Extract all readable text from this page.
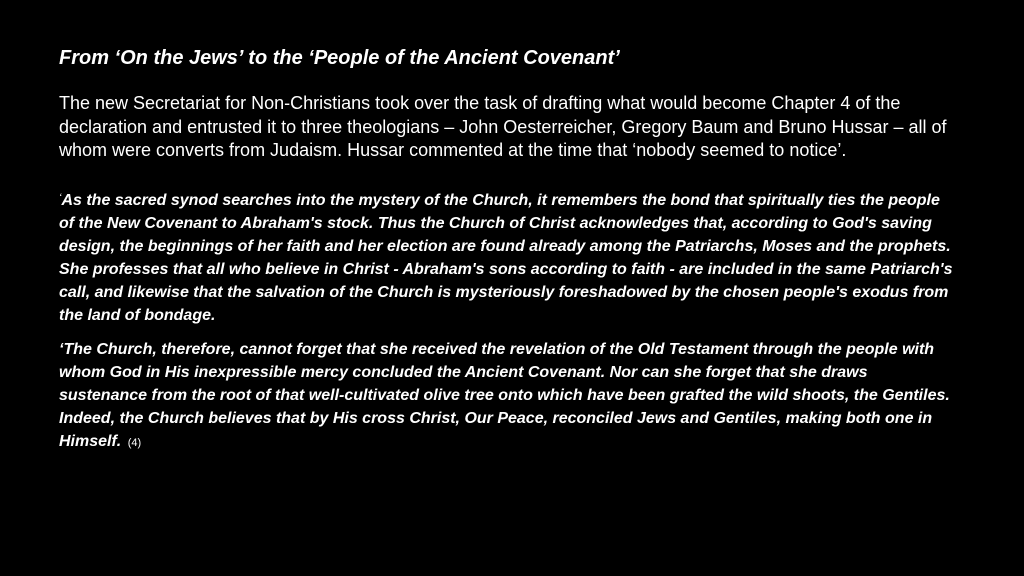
From ‘On the Jews’ to the ‘People of the Ancient Covenant’

The new Secretariat for Non-Christians took over the task of drafting what would become Chapter 4 of the declaration and entrusted it to three theologians – John Oesterreicher, Gregory Baum and Bruno Hussar – all of whom were converts from Judaism. Hussar commented at the time that ‘nobody seemed to notice’.

‘As the sacred synod searches into the mystery of the Church, it remembers the bond that spiritually ties the people of the New Covenant to Abraham's stock. Thus the Church of Christ acknowledges that, according to God's saving design, the beginnings of her faith and her election are found already among the Patriarchs, Moses and the prophets. She professes that all who believe in Christ - Abraham's sons according to faith - are included in the same Patriarch's call, and likewise that the salvation of the Church is mysteriously foreshadowed by the chosen people's exodus from the land of bondage.

‘The Church, therefore, cannot forget that she received the revelation of the Old Testament through the people with whom God in His inexpressible mercy concluded the Ancient Covenant. Nor can she forget that she draws sustenance from the root of that well-cultivated olive tree onto which have been grafted the wild shoots, the Gentiles. Indeed, the Church believes that by His cross Christ, Our Peace, reconciled Jews and Gentiles, making both one in Himself. (4)
